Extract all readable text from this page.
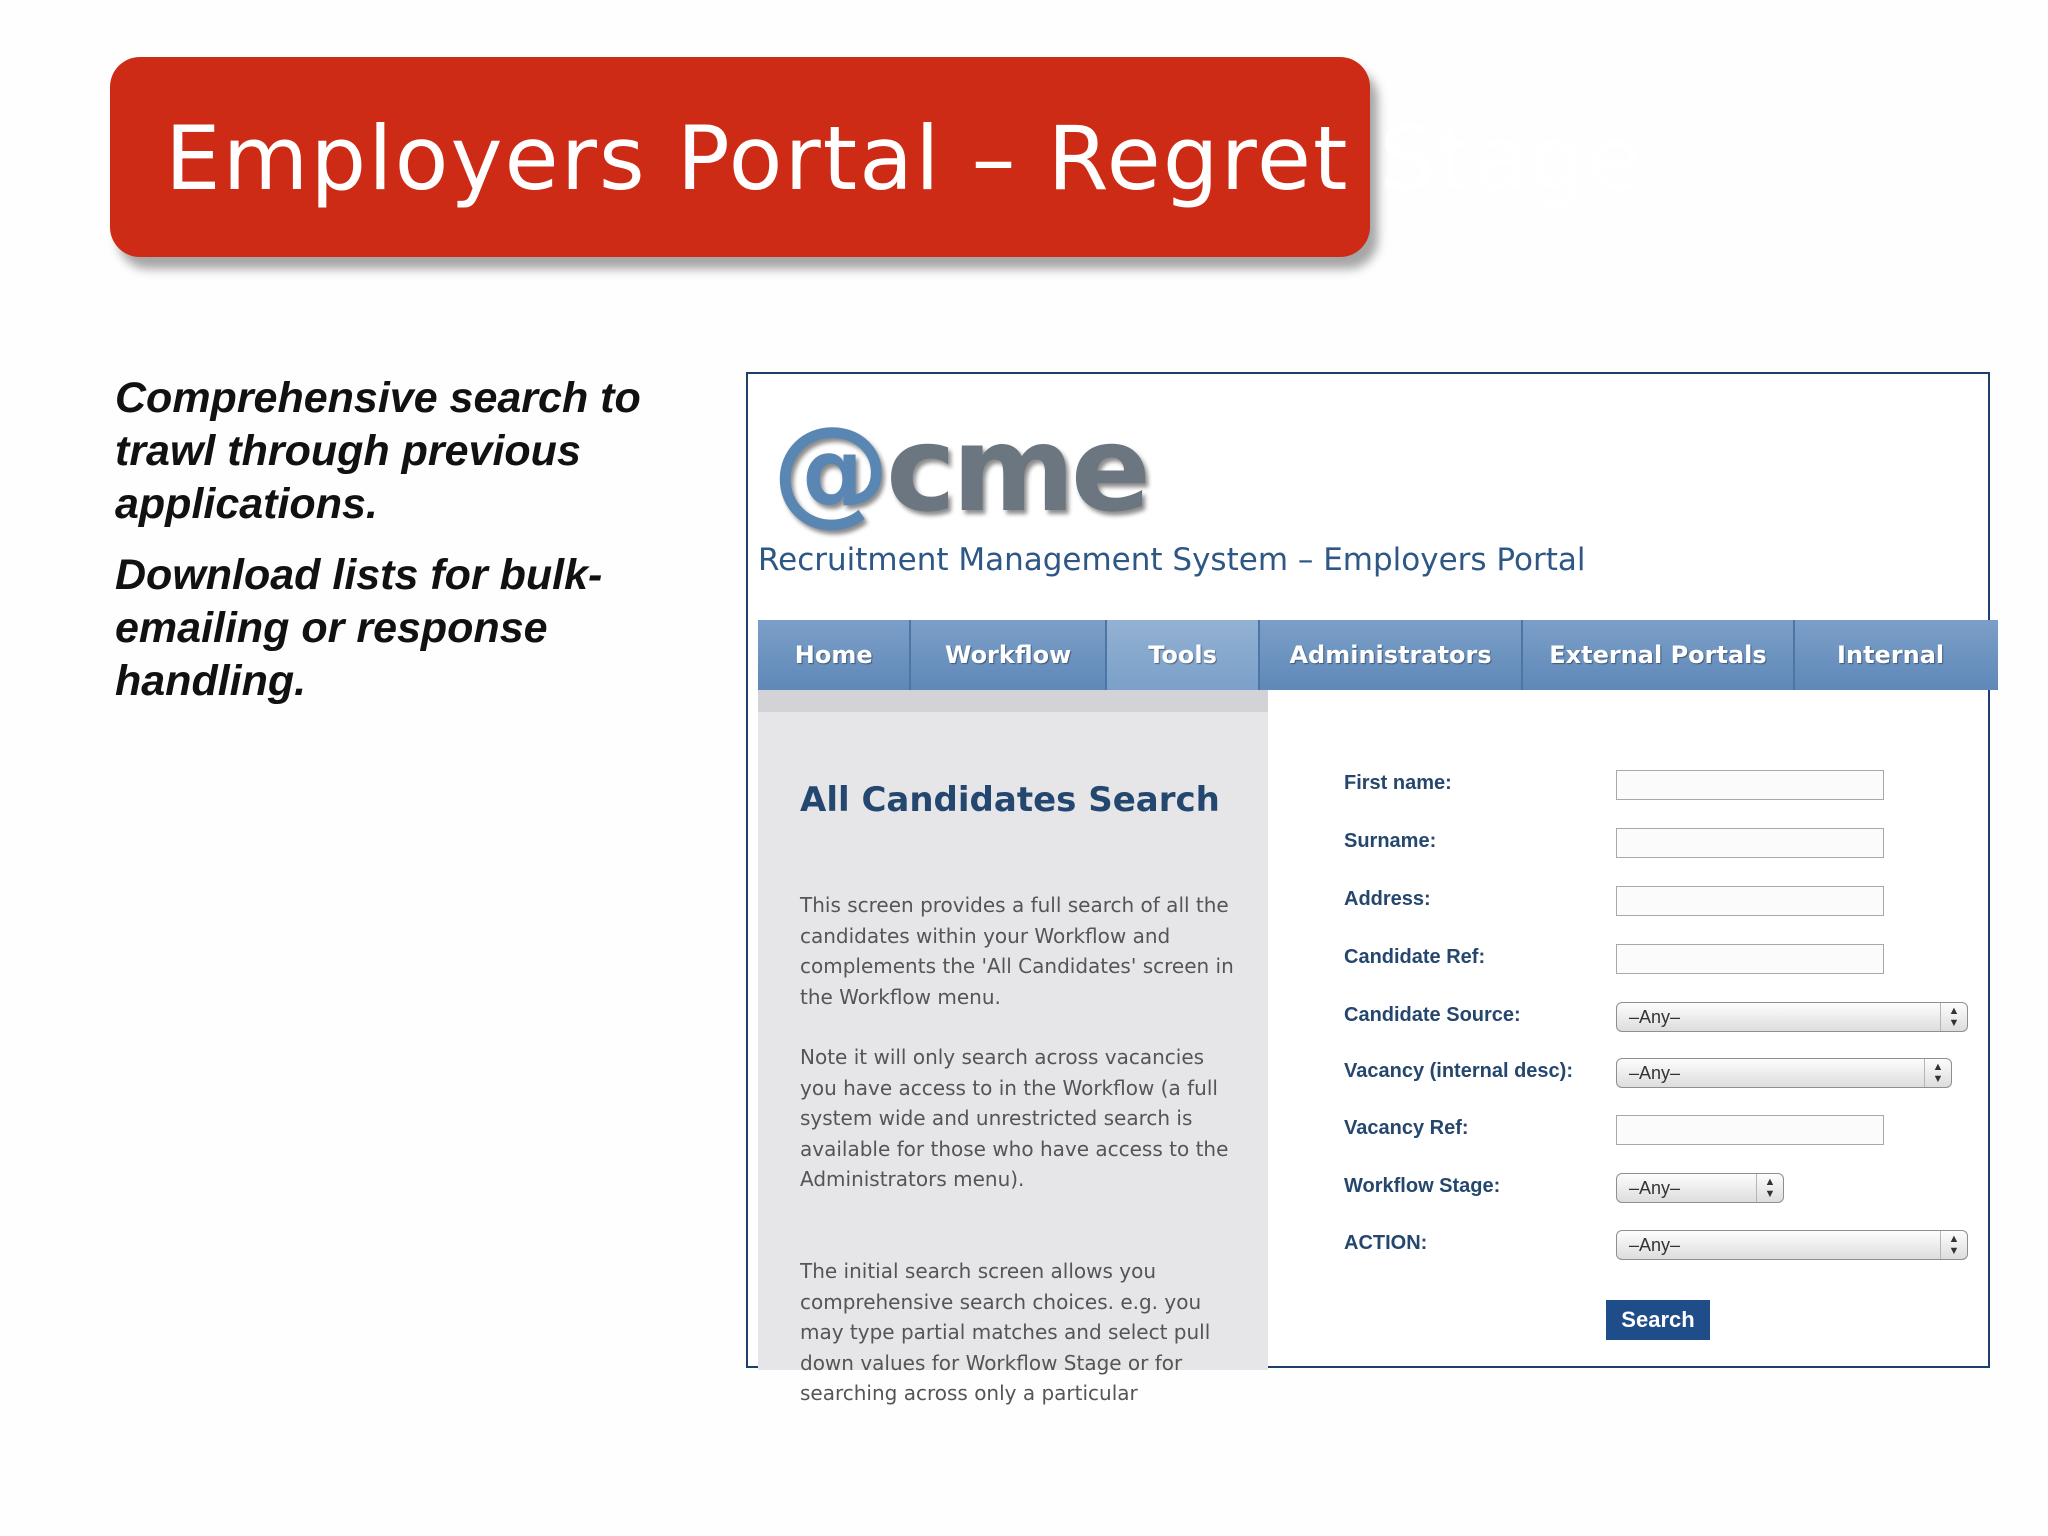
Employers Portal – Regret Stage

Comprehensive search to trawl through previous applications.

Download lists for bulk-emailing or response handling.

@cme
Recruitment Management System – Employers Portal
Home	Workflow	Tools	Administrators	External Portals	Internal
All Candidates Search

This screen provides a full search of all the candidates within your Workflow and complements the 'All Candidates' screen in the Workflow menu.

Note it will only search across vacancies you have access to in the Workflow (a full system wide and unrestricted search is available for those who have access to the Administrators menu).

The initial search screen allows you comprehensive search choices. e.g. you may type partial matches and select pull down values for Workflow Stage or for searching across only a particular

First name:
Surname:
Address:
Candidate Ref:
Candidate Source:	–Any–	▲
▼
Vacancy (internal desc):	–Any–	▲
▼
Vacancy Ref:
Workflow Stage:	–Any–	▲
▼
ACTION:	–Any–	▲
▼
Search
